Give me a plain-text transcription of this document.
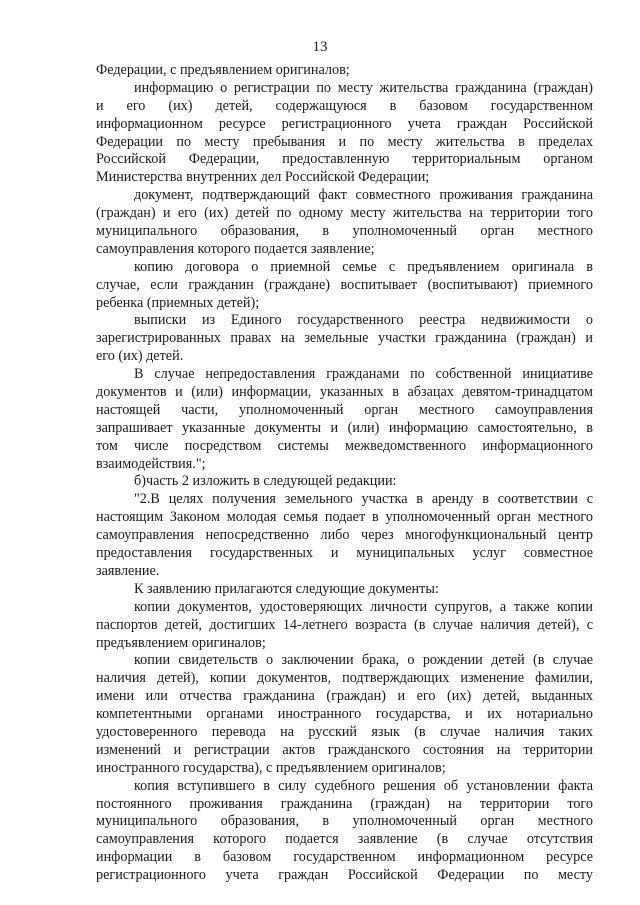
13
Федерации, с предъявлением оригиналов;
информацию о регистрации по месту жительства гражданина (граждан)
и его (их) детей, содержащуюся в базовом государственном
информационном ресурсе регистрационного учета граждан Российской
Федерации по месту пребывания и по месту жительства в пределах
Российской Федерации, предоставленную территориальным органом
Министерства внутренних дел Российской Федерации;
документ, подтверждающий факт совместного проживания гражданина
(граждан) и его (их) детей по одному месту жительства на территории того
муниципального образования, в уполномоченный орган местного
самоуправления которого подается заявление;
копию договора о приемной семье с предъявлением оригинала в
случае, если гражданин (граждане) воспитывает (воспитывают) приемного
ребенка (приемных детей);
выписки из Единого государственного реестра недвижимости о
зарегистрированных правах на земельные участки гражданина (граждан) и
его (их) детей.
В случае непредоставления гражданами по собственной инициативе
документов и (или) информации, указанных в абзацах девятом-тринадцатом
настоящей части, уполномоченный орган местного самоуправления
запрашивает указанные документы и (или) информацию самостоятельно, в
том числе посредством системы межведомственного информационного
взаимодействия.";
б)часть 2 изложить в следующей редакции:
"2.В целях получения земельного участка в аренду в соответствии с
настоящим Законом молодая семья подает в уполномоченный орган местного
самоуправления непосредственно либо через многофункциональный центр
предоставления государственных и муниципальных услуг совместное
заявление.
К заявлению прилагаются следующие документы:
копии документов, удостоверяющих личности супругов, а также копии
паспортов детей, достигших 14-летнего возраста (в случае наличия детей), с
предъявлением оригиналов;
копии свидетельств о заключении брака, о рождении детей (в случае
наличия детей), копии документов, подтверждающих изменение фамилии,
имени или отчества гражданина (граждан) и его (их) детей, выданных
компетентными органами иностранного государства, и их нотариально
удостоверенного перевода на русский язык (в случае наличия таких
изменений и регистрации актов гражданского состояния на территории
иностранного государства), с предъявлением оригиналов;
копия вступившего в силу судебного решения об установлении факта
постоянного проживания гражданина (граждан) на территории того
муниципального образования, в уполномоченный орган местного
самоуправления которого подается заявление (в случае отсутствия
информации в базовом государственном информационном ресурсе
регистрационного учета граждан Российской Федерации по месту
